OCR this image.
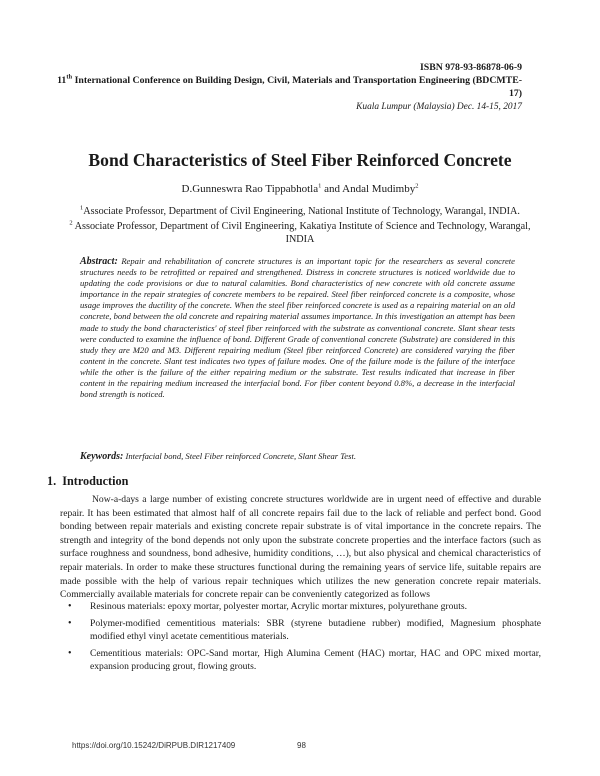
ISBN 978-93-86878-06-9
11th International Conference on Building Design, Civil, Materials and Transportation Engineering (BDCMTE-17)
Kuala Lumpur (Malaysia) Dec. 14-15, 2017
Bond Characteristics of Steel Fiber Reinforced Concrete
D.Gunneswra Rao Tippabhotla$^1$ and Andal Mudimby$^2$
$^1$Associate Professor, Department of Civil Engineering, National Institute of Technology, Warangal, INDIA.
$^2$ Associate Professor, Department of Civil Engineering, Kakatiya Institute of Science and Technology, Warangal, INDIA
Abstract: Repair and rehabilitation of concrete structures is an important topic for the researchers as several concrete structures needs to be retrofitted or repaired and strengthened. Distress in concrete structures is noticed worldwide due to updating the code provisions or due to natural calamities. Bond characteristics of new concrete with old concrete assume importance in the repair strategies of concrete members to be repaired. Steel fiber reinforced concrete is a composite, whose usage improves the ductility of the concrete. When the steel fiber reinforced concrete is used as a repairing material on an old concrete, bond between the old concrete and repairing material assumes importance. In this investigation an attempt has been made to study the bond characteristics' of steel fiber reinforced with the substrate as conventional concrete. Slant shear tests were conducted to examine the influence of bond. Different Grade of conventional concrete (Substrate) are considered in this study they are M20 and M3. Different repairing medium (Steel fiber reinforced Concrete) are considered varying the fiber content in the concrete. Slant test indicates two types of failure modes. One of the failure mode is the failure of the interface while the other is the failure of the either repairing medium or the substrate. Test results indicated that increase in fiber content in the repairing medium increased the interfacial bond. For fiber content beyond 0.8%, a decrease in the interfacial bond strength is noticed.
Keywords: Interfacial bond, Steel Fiber reinforced Concrete, Slant Shear Test.
1. Introduction
Now-a-days a large number of existing concrete structures worldwide are in urgent need of effective and durable repair. It has been estimated that almost half of all concrete repairs fail due to the lack of reliable and perfect bond. Good bonding between repair materials and existing concrete repair substrate is of vital importance in the concrete repairs. The strength and integrity of the bond depends not only upon the substrate concrete properties and the interface factors (such as surface roughness and soundness, bond adhesive, humidity conditions, …), but also physical and chemical characteristics of repair materials. In order to make these structures functional during the remaining years of service life, suitable repairs are made possible with the help of various repair techniques which utilizes the new generation concrete repair materials. Commercially available materials for concrete repair can be conveniently categorized as follows
• Resinous materials: epoxy mortar, polyester mortar, Acrylic mortar mixtures, polyurethane grouts.
• Polymer-modified cementitious materials: SBR (styrene butadiene rubber) modified, Magnesium phosphate modified ethyl vinyl acetate cementitious materials.
• Cementitious materials: OPC-Sand mortar, High Alumina Cement (HAC) mortar, HAC and OPC mixed mortar, expansion producing grout, flowing grouts.
https://doi.org/10.15242/DiRPUB.DIR1217409	98
